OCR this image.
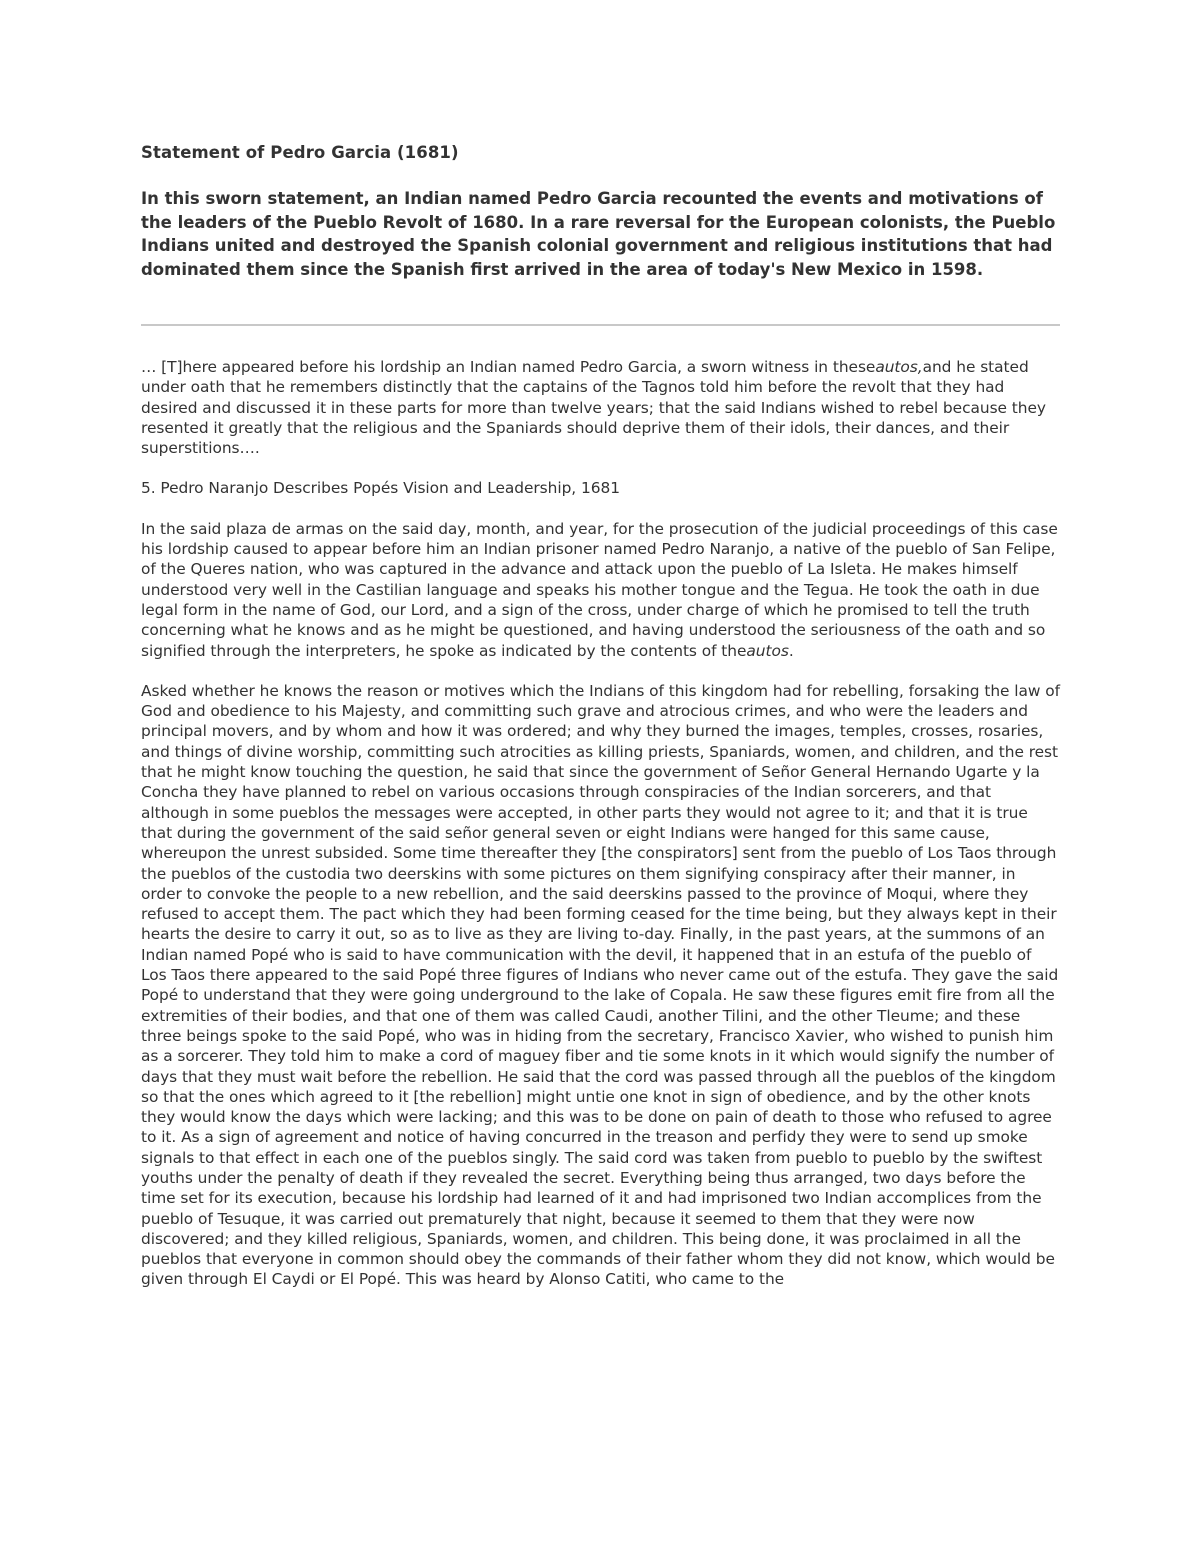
Statement of Pedro Garcia (1681)

In this sworn statement, an Indian named Pedro Garcia recounted the events and motivations of the leaders of the Pueblo Revolt of 1680. In a rare reversal for the European colonists, the Pueblo Indians united and destroyed the Spanish colonial government and religious institutions that had dominated them since the Spanish first arrived in the area of today's New Mexico in 1598.

… [T]here appeared before his lordship an Indian named Pedro Garcia, a sworn witness in theseautos,and he stated under oath that he remembers distinctly that the captains of the Tagnos told him before the revolt that they had desired and discussed it in these parts for more than twelve years; that the said Indians wished to rebel because they resented it greatly that the religious and the Spaniards should deprive them of their idols, their dances, and their superstitions….

5. Pedro Naranjo Describes Popés Vision and Leadership, 1681

In the said plaza de armas on the said day, month, and year, for the prosecution of the judicial proceedings of this case his lordship caused to appear before him an Indian prisoner named Pedro Naranjo, a native of the pueblo of San Felipe, of the Queres nation, who was captured in the advance and attack upon the pueblo of La Isleta. He makes himself understood very well in the Castilian language and speaks his mother tongue and the Tegua. He took the oath in due legal form in the name of God, our Lord, and a sign of the cross, under charge of which he promised to tell the truth concerning what he knows and as he might be questioned, and having understood the seriousness of the oath and so signified through the interpreters, he spoke as indicated by the contents of theautos.

Asked whether he knows the reason or motives which the Indians of this kingdom had for rebelling, forsaking the law of God and obedience to his Majesty, and committing such grave and atrocious crimes, and who were the leaders and principal movers, and by whom and how it was ordered; and why they burned the images, temples, crosses, rosaries, and things of divine worship, committing such atrocities as killing priests, Spaniards, women, and children, and the rest that he might know touching the question, he said that since the government of Señor General Hernando Ugarte y la Concha they have planned to rebel on various occasions through conspiracies of the Indian sorcerers, and that although in some pueblos the messages were accepted, in other parts they would not agree to it; and that it is true that during the government of the said señor general seven or eight Indians were hanged for this same cause, whereupon the unrest subsided. Some time thereafter they [the conspirators] sent from the pueblo of Los Taos through the pueblos of the custodia two deerskins with some pictures on them signifying conspiracy after their manner, in order to convoke the people to a new rebellion, and the said deerskins passed to the province of Moqui, where they refused to accept them. The pact which they had been forming ceased for the time being, but they always kept in their hearts the desire to carry it out, so as to live as they are living to-day. Finally, in the past years, at the summons of an Indian named Popé who is said to have communication with the devil, it happened that in an estufa of the pueblo of Los Taos there appeared to the said Popé three figures of Indians who never came out of the estufa. They gave the said Popé to understand that they were going underground to the lake of Copala. He saw these figures emit fire from all the extremities of their bodies, and that one of them was called Caudi, another Tilini, and the other Tleume; and these three beings spoke to the said Popé, who was in hiding from the secretary, Francisco Xavier, who wished to punish him as a sorcerer. They told him to make a cord of maguey fiber and tie some knots in it which would signify the number of days that they must wait before the rebellion. He said that the cord was passed through all the pueblos of the kingdom so that the ones which agreed to it [the rebellion] might untie one knot in sign of obedience, and by the other knots they would know the days which were lacking; and this was to be done on pain of death to those who refused to agree to it. As a sign of agreement and notice of having concurred in the treason and perfidy they were to send up smoke signals to that effect in each one of the pueblos singly. The said cord was taken from pueblo to pueblo by the swiftest youths under the penalty of death if they revealed the secret. Everything being thus arranged, two days before the time set for its execution, because his lordship had learned of it and had imprisoned two Indian accomplices from the pueblo of Tesuque, it was carried out prematurely that night, because it seemed to them that they were now discovered; and they killed religious, Spaniards, women, and children. This being done, it was proclaimed in all the pueblos that everyone in common should obey the commands of their father whom they did not know, which would be given through El Caydi or El Popé. This was heard by Alonso Catiti, who came to the
